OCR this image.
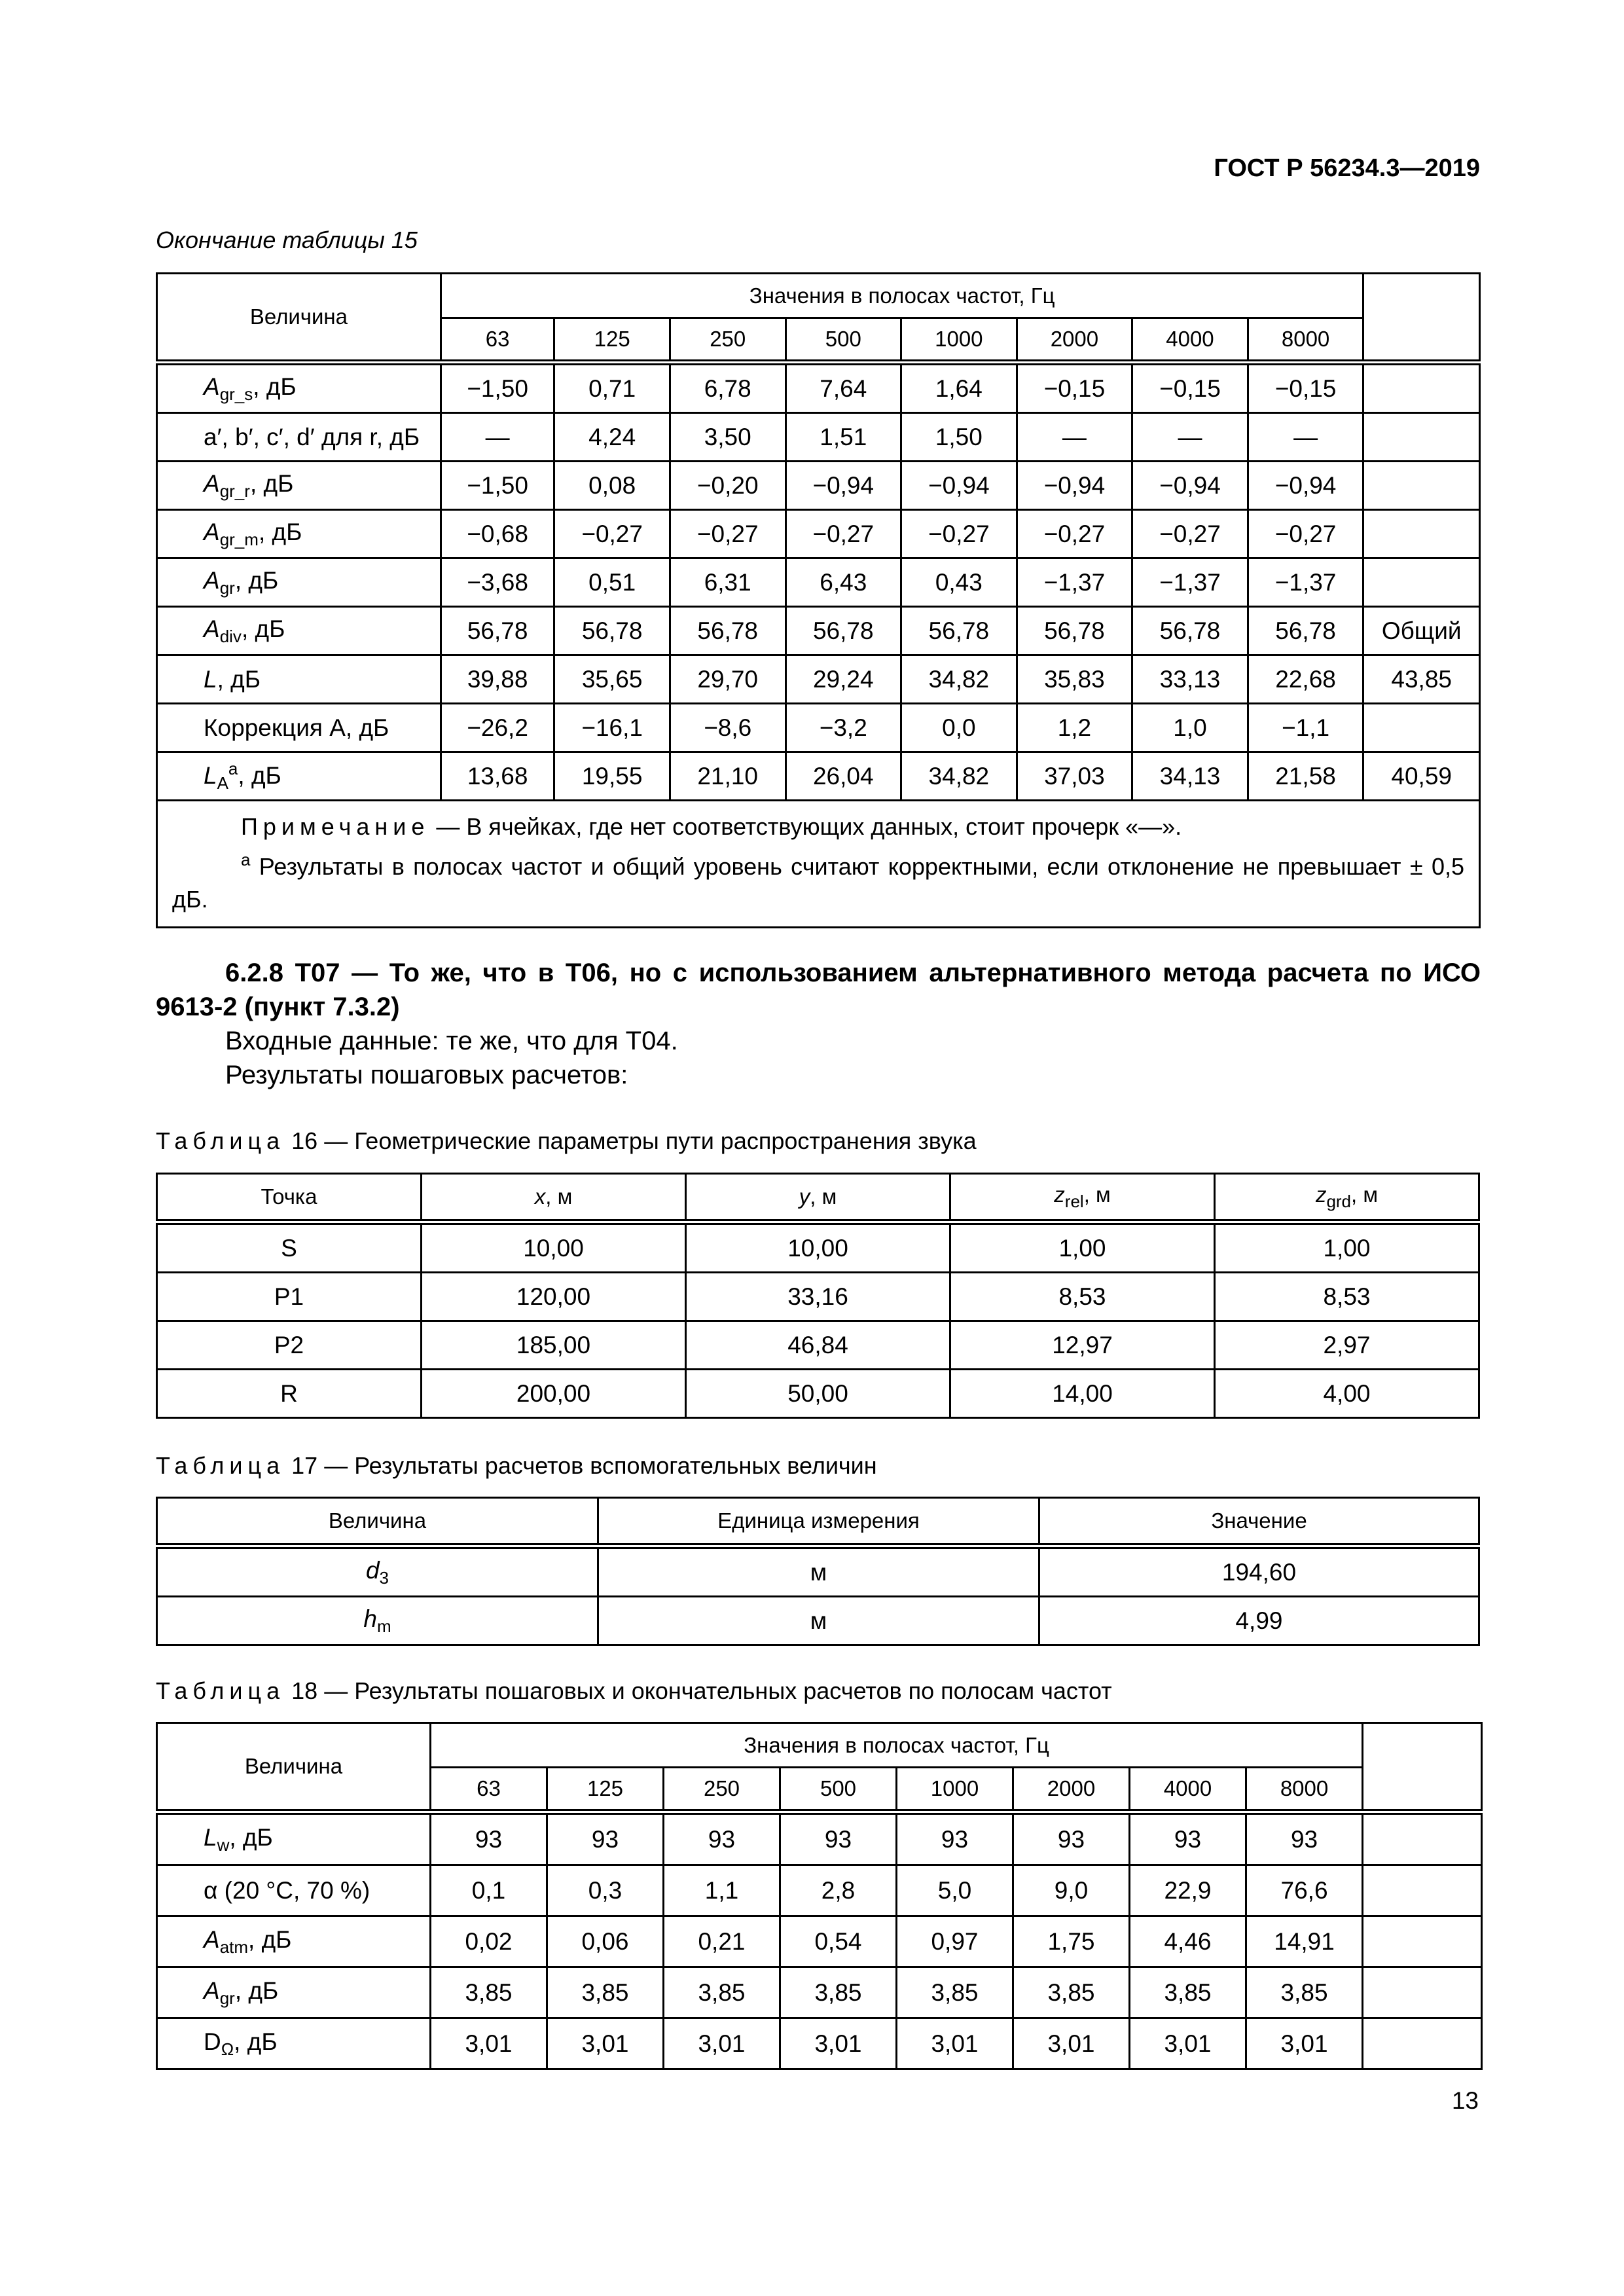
ГОСТ Р 56234.3—2019
Окончание таблицы 15
Величина	Значения в полосах частот, Гц								
	63	125	250	500	1000	2000	4000	8000	
$A_{gr\_s}$, дБ	−1,50	0,71	6,78	7,64	1,64	−0,15	−0,15	−0,15	
a′, b′, c′, d′ для r, дБ	—	4,24	3,50	1,51	1,50	—	—	—	
$A_{gr\_r}$, дБ	−1,50	0,08	−0,20	−0,94	−0,94	−0,94	−0,94	−0,94	
$A_{gr\_m}$, дБ	−0,68	−0,27	−0,27	−0,27	−0,27	−0,27	−0,27	−0,27	
$A_{gr}$, дБ	−3,68	0,51	6,31	6,43	0,43	−1,37	−1,37	−1,37	
$A_{div}$, дБ	56,78	56,78	56,78	56,78	56,78	56,78	56,78	56,78	Общий
L, дБ	39,88	35,65	29,70	29,24	34,82	35,83	33,13	22,68	43,85
Коррекция А, дБ	−26,2	−16,1	−8,6	−3,2	0,0	1,2	1,0	−1,1	
$L_A^a$, дБ	13,68	19,55	21,10	26,04	34,82	37,03	34,13	21,58	40,59

Примечание — В ячейках, где нет соответствующих данных, стоит прочерк «—».
$^a$ Результаты в полосах частот и общий уровень считают корректными, если отклонение не превышает ± 0,5 дБ.									
6.2.8 Т07 — То же, что в Т06, но с использованием альтернативного метода расчета по ИСО 9613-2 (пункт 7.3.2)
Входные данные: те же, что для Т04.
Результаты пошаговых расчетов:
Таблица 16 — Геометрические параметры пути распространения звука
Точка	x, м	y, м	$z_{rel}$, м	$z_{grd}$, м
S	10,00	10,00	1,00	1,00
P1	120,00	33,16	8,53	8,53
P2	185,00	46,84	12,97	2,97
R	200,00	50,00	14,00	4,00
Таблица 17 — Результаты расчетов вспомогательных величин
Величина	Единица измерения	Значение
$d_3$	м	194,60
$h_m$	м	4,99
Таблица 18 — Результаты пошаговых и окончательных расчетов по полосам частот
Величина	Значения в полосах частот, Гц								
	63	125	250	500	1000	2000	4000	8000	
$L_w$, дБ	93	93	93	93	93	93	93	93	
α (20 °С, 70 %)	0,1	0,3	1,1	2,8	5,0	9,0	22,9	76,6	
$A_{atm}$, дБ	0,02	0,06	0,21	0,54	0,97	1,75	4,46	14,91	
$A_{gr}$, дБ	3,85	3,85	3,85	3,85	3,85	3,85	3,85	3,85	
$D_\Omega$, дБ	3,01	3,01	3,01	3,01	3,01	3,01	3,01	3,01	
13
